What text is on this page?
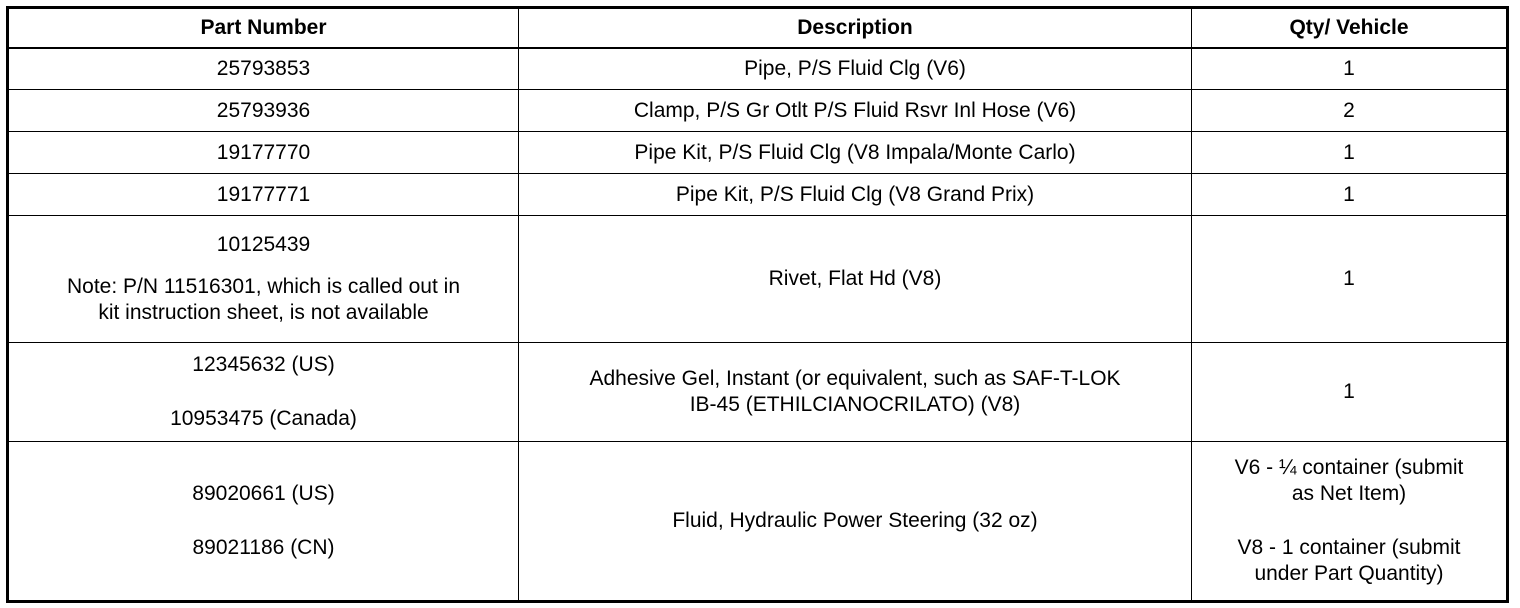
Part Number	Description	Qty/ Vehicle
25793853	Pipe, P/S Fluid Clg (V6)	1
25793936	Clamp, P/S Gr Otlt P/S Fluid Rsvr Inl Hose (V6)	2
19177770	Pipe Kit, P/S Fluid Clg (V8 Impala/Monte Carlo)	1
19177771	Pipe Kit, P/S Fluid Clg (V8 Grand Prix)	1

10125439
Note: P/N 11516301, which is called out in
kit instruction sheet, is not available	Rivet, Flat Hd (V8)	1

12345632 (US)
10953475 (Canada)	Adhesive Gel, Instant (or equivalent, such as SAF-T-LOK
IB-45 (ETHILCIANOCRILATO) (V8)	1

89020661 (US)
89021186 (CN)	Fluid, Hydraulic Power Steering (32 oz)	V6 - ¼ container (submit
as Net Item)
V8 - 1 container (submit
under Part Quantity)
